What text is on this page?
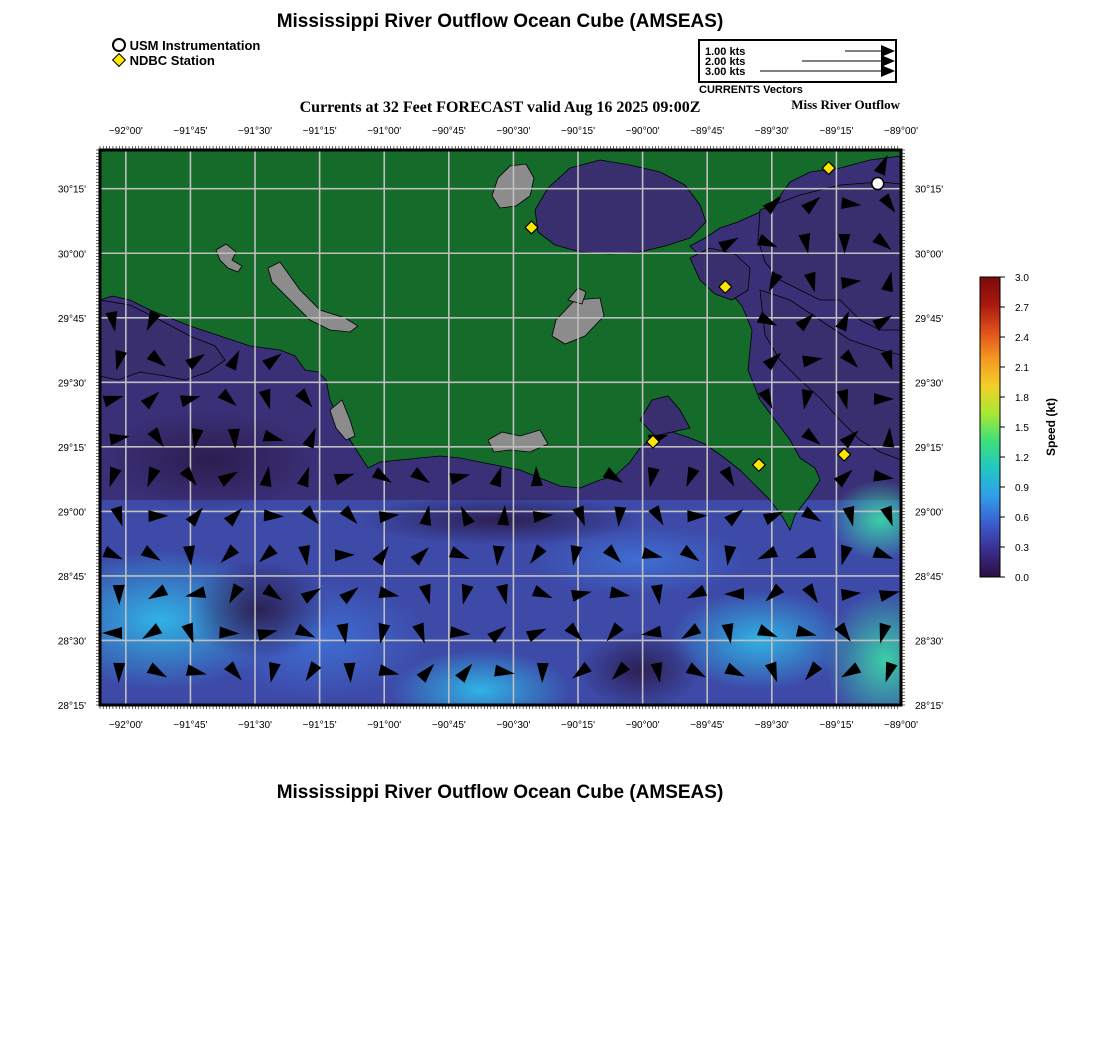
Mississippi River Outflow Ocean Cube (AMSEAS)
USM Instrumentation
NDBC Station
1.00 kts
2.00 kts
3.00 kts
CURRENTS Vectors
Currents at 32 Feet FORECAST valid Aug 16 2025 09:00Z	Miss River Outflow
−92°00'
−92°00'
−91°45'
−91°45'
−91°30'
−91°30'
−91°15'
−91°15'
−91°00'
−91°00'
−90°45'
−90°45'
−90°30'
−90°30'
−90°15'
−90°15'
−90°00'
−90°00'
−89°45'
−89°45'
−89°30'
−89°30'
−89°15'
−89°15'
−89°00'
−89°00'
30°15'	30°15'
30°00'	30°00'
29°45'	29°45'
29°30'	29°30'
29°15'	29°15'
29°00'	29°00'
28°45'	28°45'
28°30'	28°30'
28°15'	28°15'
3.0
2.7
2.4
2.1
1.8
1.5
1.2
0.9
0.6
0.3
0.0
Speed (kt)
Mississippi River Outflow Ocean Cube (AMSEAS)
